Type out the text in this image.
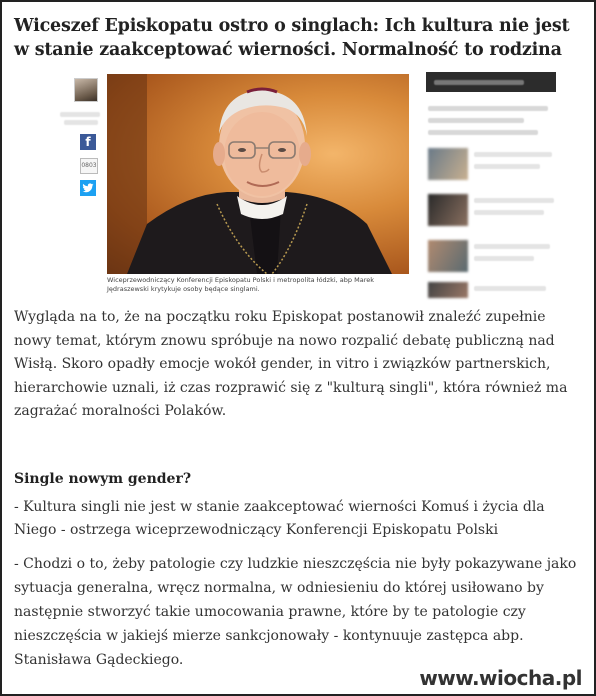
Wiceszef Episkopatu ostro o singlach: Ich kultura nie jest w stanie zaakceptować wierności. Normalność to rodzina
f
0803
Wiceprzewodniczący Konferencji Episkopatu Polski i metropolita łódzki, abp Marek Jędraszewski krytykuje osoby będące singlami.
Wygląda na to, że na początku roku Episkopat postanowił znaleźć zupełnie nowy temat, którym znowu spróbuje na nowo rozpalić debatę publiczną nad Wisłą. Skoro opadły emocje wokół gender, in vitro i związków partnerskich, hierarchowie uznali, iż czas rozprawić się z "kulturą singli", która również ma zagrażać moralności Polaków.
Single nowym gender?
- Kultura singli nie jest w stanie zaakceptować wierności Komuś i życia dla Niego - ostrzega wiceprzewodniczący Konferencji Episkopatu Polski
- Chodzi o to, żeby patologie czy ludzkie nieszczęścia nie były pokazywane jako sytuacja generalna, wręcz normalna, w odniesieniu do której usiłowano by następnie stworzyć takie umocowania prawne, które by te patologie czy nieszczęścia w jakiejś mierze sankcjonowały - kontynuuje zastępca abp. Stanisława Gądeckiego.
www.wiocha.pl
